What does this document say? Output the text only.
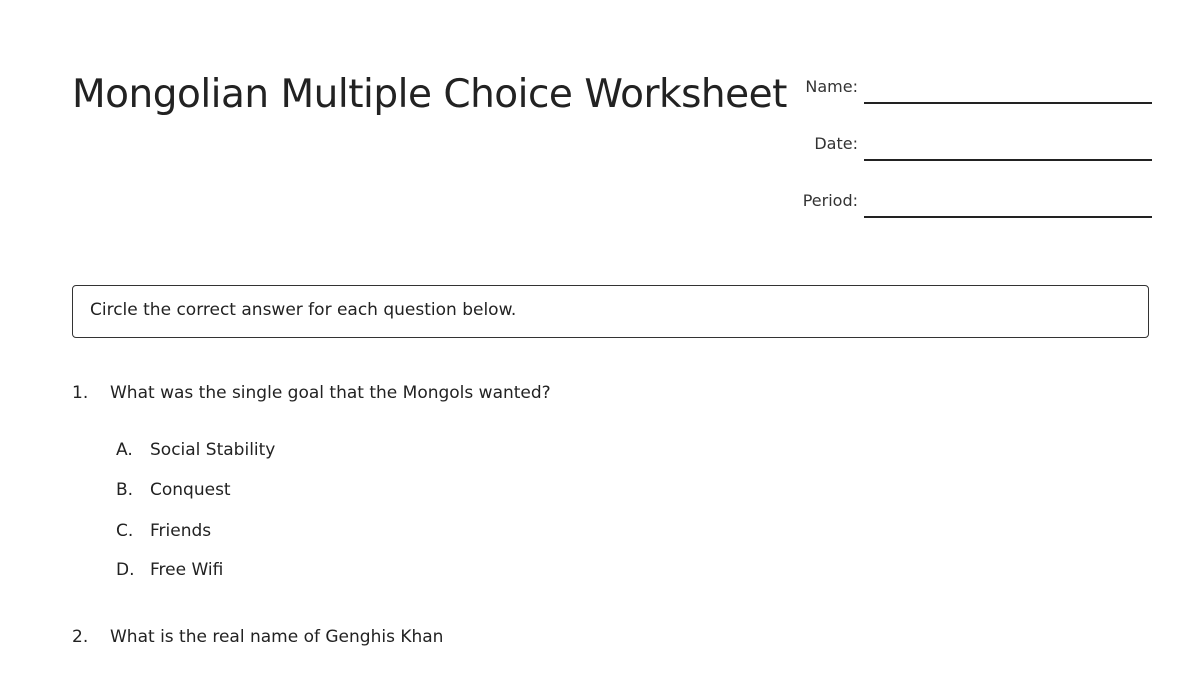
Mongolian Multiple Choice Worksheet Name:
Date:
Period:
Circle the correct answer for each question below.
1. What was the single goal that the Mongols wanted?
A. Social Stability
B. Conquest
C. Friends
D. Free Wifi
2. What is the real name of Genghis Khan
